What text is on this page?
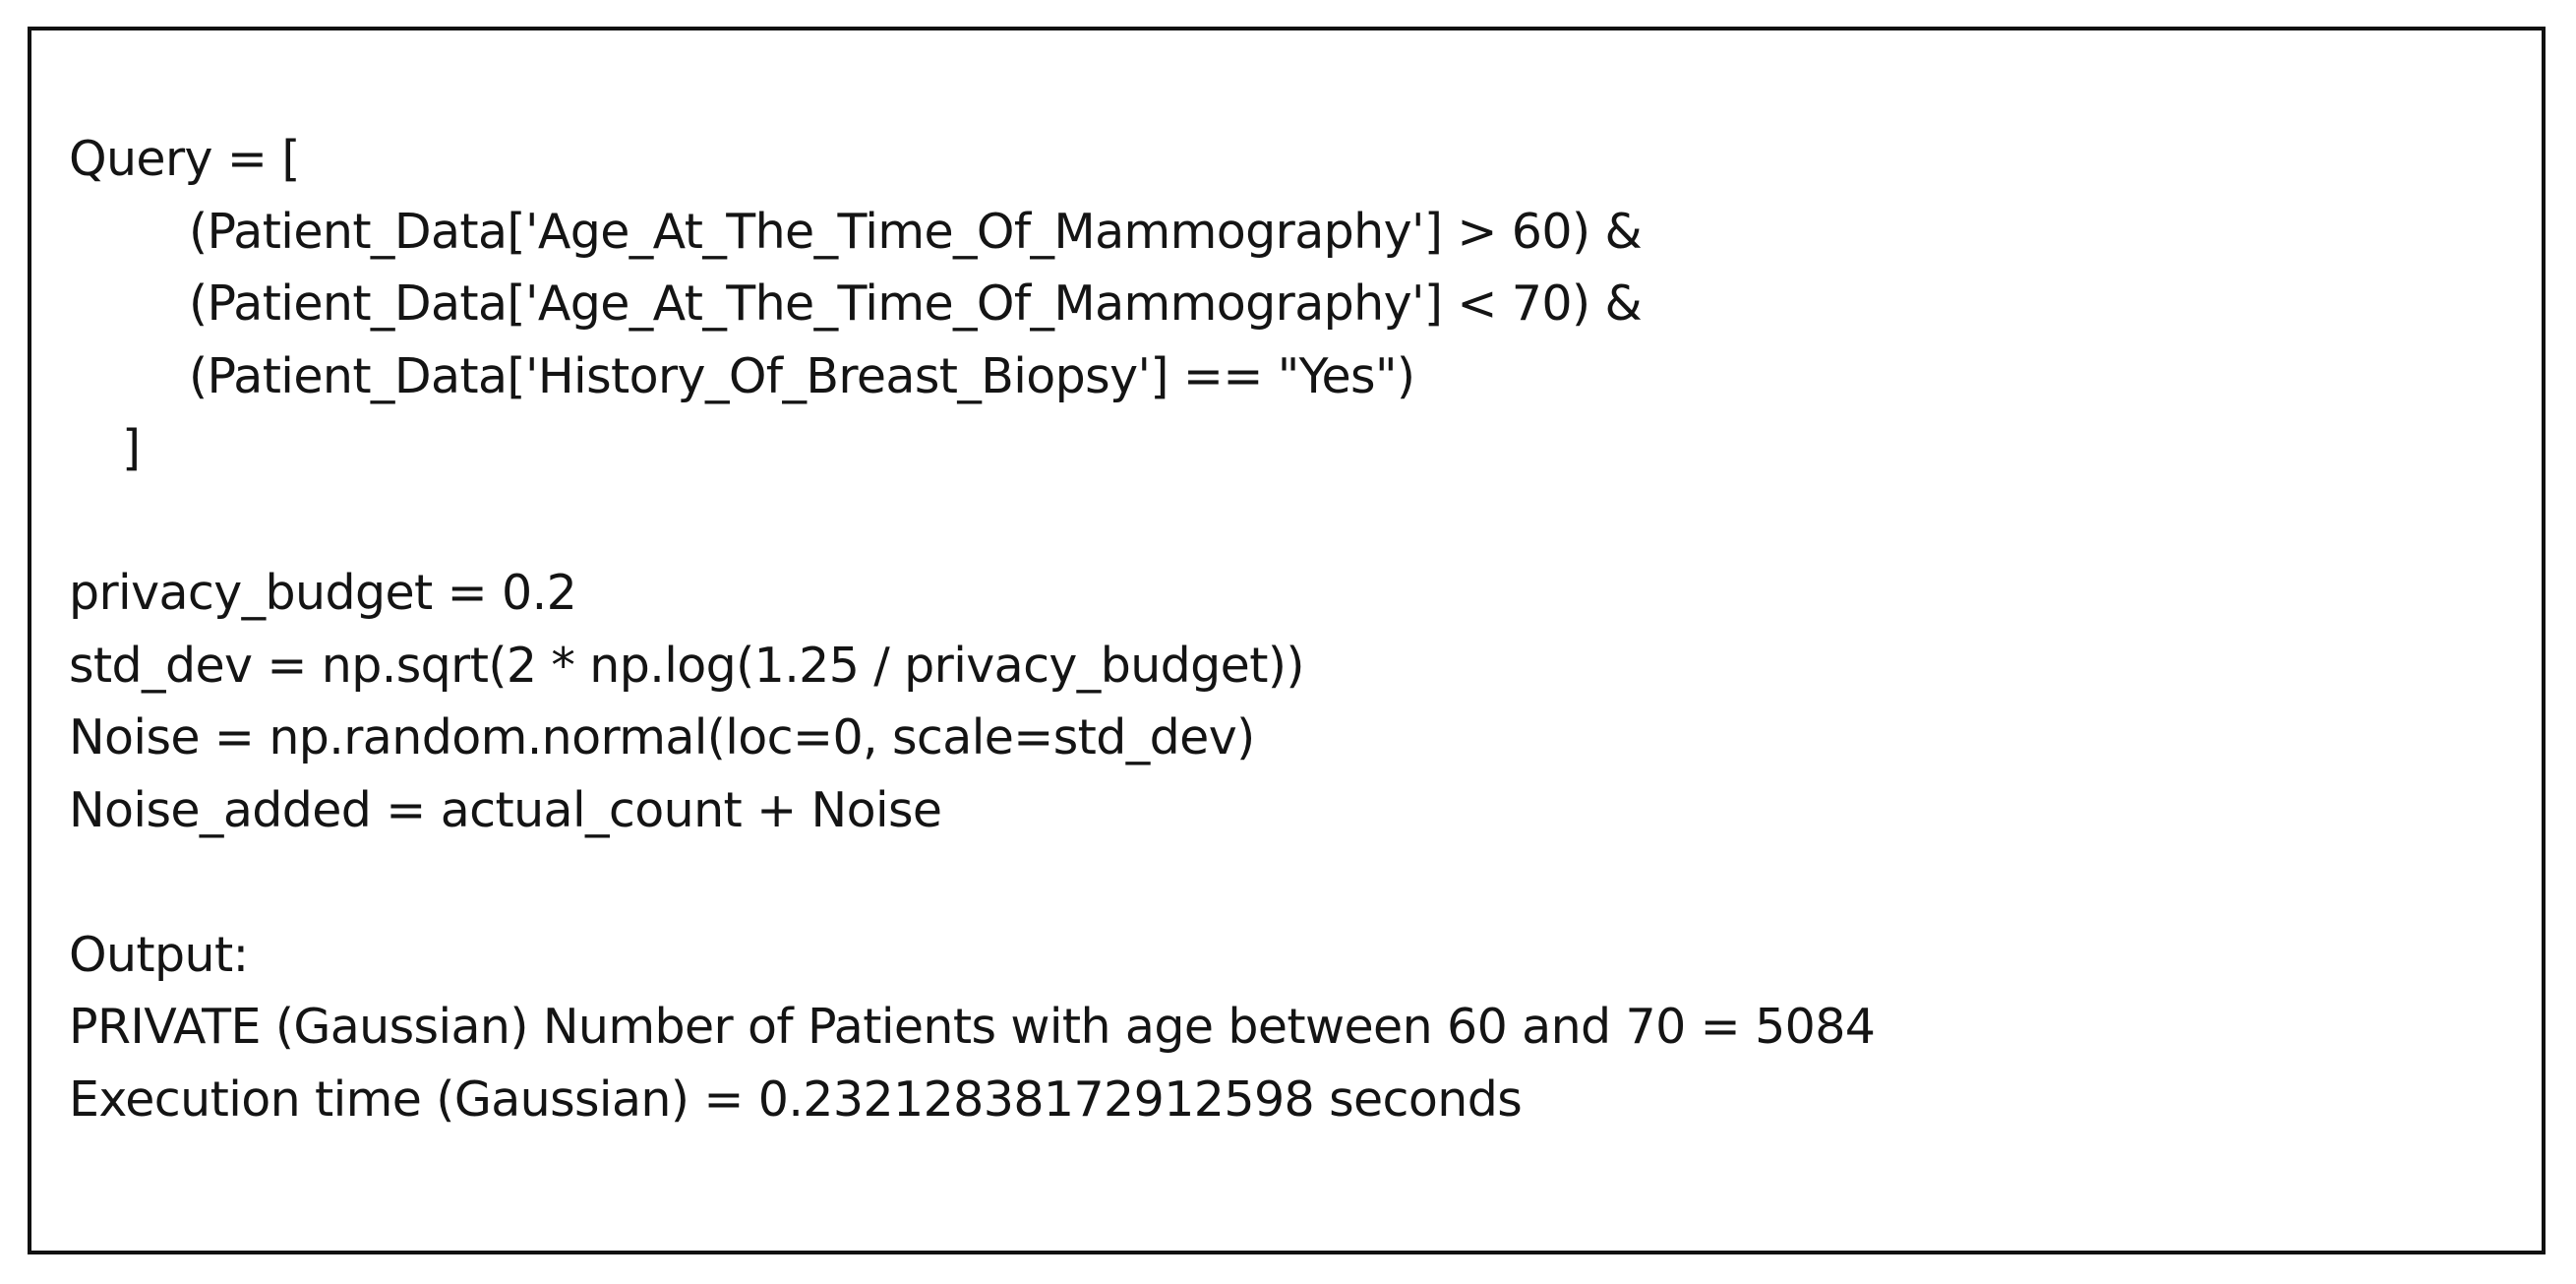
Query = [
(Patient_Data['Age_At_The_Time_Of_Mammography'] > 60) &
(Patient_Data['Age_At_The_Time_Of_Mammography'] < 70) &
(Patient_Data['History_Of_Breast_Biopsy'] == "Yes")
]
privacy_budget = 0.2
std_dev = np.sqrt(2 * np.log(1.25 / privacy_budget))
Noise = np.random.normal(loc=0, scale=std_dev)
Noise_added = actual_count + Noise
Output:
PRIVATE (Gaussian) Number of Patients with age between 60 and 70 = 5084
Execution time (Gaussian) = 0.23212838172912598 seconds
